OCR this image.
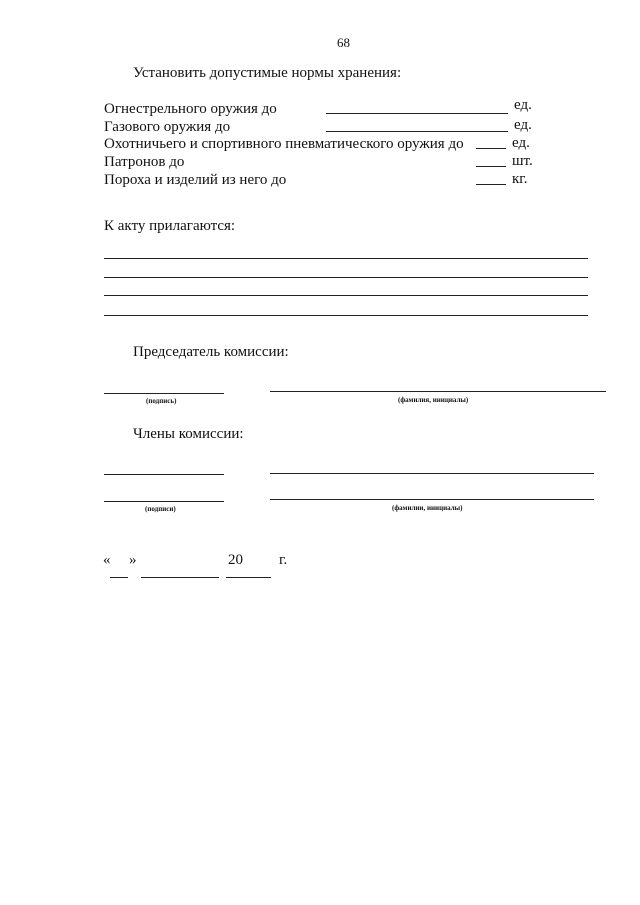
68
Установить допустимые нормы хранения:
Огнестрельного оружия до	ед.
Газового оружия до	ед.
Охотничьего и спортивного пневматического оружия до	ед.
Патронов до	шт.
Пороха и изделий из него до	кг.
К акту прилагаются:
Председатель комиссии:
(подпись)	(фамилия, инициалы)
Члены комиссии:
(подписи)	(фамилии, инициалы)
« »	20 г.
